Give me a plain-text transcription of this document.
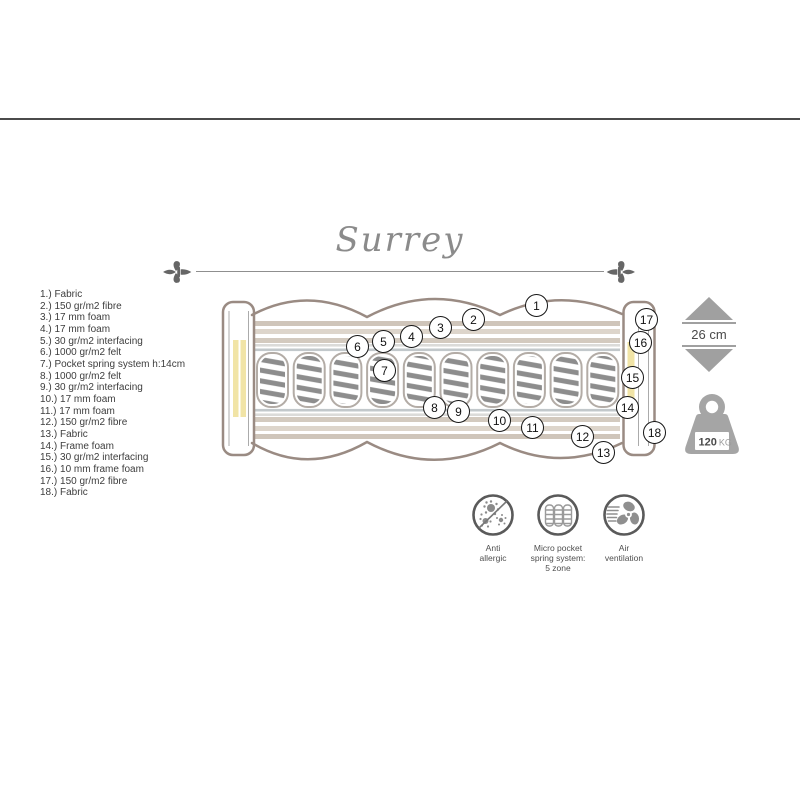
Surrey
1.) Fabric
2.) 150 gr/m2 fibre
3.) 17 mm foam
4.) 17 mm foam
5.) 30 gr/m2 interfacing
6.) 1000 gr/m2 felt
7.) Pocket spring system h:14cm
8.) 1000 gr/m2 felt
9.) 30 gr/m2 interfacing
10.) 17 mm foam
11.) 17 mm foam
12.) 150 gr/m2 fibre
13.) Fabric
14.) Frame foam
15.) 30 gr/m2 interfacing
16.) 10 mm frame foam
17.) 150 gr/m2 fibre
18.) Fabric
1
2
3
4
5
6
7
8	9
10	11
12
13
14
15
16
17
18
26 cm
120 KG
Anti
allergic
Micro pocket
spring system:
5 zone
Air
ventilation
